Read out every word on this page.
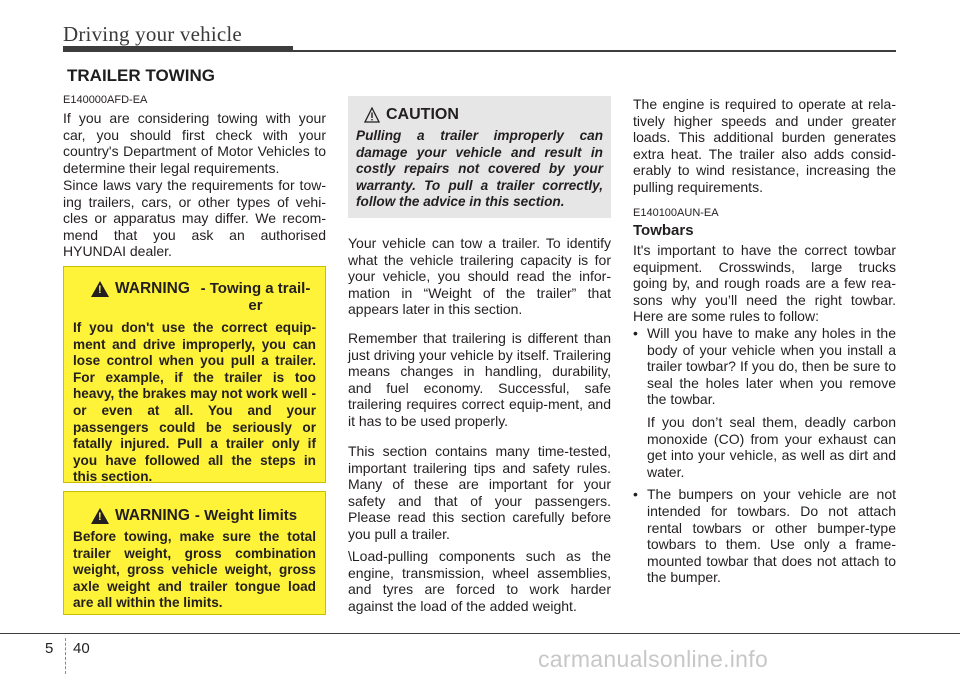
Driving your vehicle
TRAILER TOWING
E140000AFD-EA

If you are considering towing with your car, you should first check with your country's Department of Motor Vehicles to determine their legal requirements.

Since laws vary the requirements for tow-ing trailers, cars, or other types of vehi-cles or apparatus may differ. We recom-mend that you ask an authorised HYUNDAI dealer.

!
WARNING - Towing a trail-er

If you don't use the correct equip-ment and drive improperly, you can lose control when you pull a trailer. For example, if the trailer is too heavy, the brakes may not work well - or even at all. You and your passengers could be seriously or fatally injured. Pull a trailer only if you have followed all the steps in this section.

!
WARNING - Weight limits

Before towing, make sure the total trailer weight, gross combination weight, gross vehicle weight, gross axle weight and trailer tongue load are all within the limits.

CAUTION

Pulling a trailer improperly can damage your vehicle and result in costly repairs not covered by your warranty. To pull a trailer correctly, follow the advice in this section.

Your vehicle can tow a trailer. To identify what the vehicle trailering capacity is for your vehicle, you should read the infor-mation in “Weight of the trailer” that appears later in this section.

Remember that trailering is different than just driving your vehicle by itself. Trailering means changes in handling, durability, and fuel economy. Successful, safe trailering requires correct equip-ment, and it has to be used properly.

This section contains many time-tested, important trailering tips and safety rules. Many of these are important for your safety and that of your passengers. Please read this section carefully before you pull a trailer.

\Load-pulling components such as the engine, transmission, wheel assemblies, and tyres are forced to work harder against the load of the added weight.

The engine is required to operate at rela-tively higher speeds and under greater loads. This additional burden generates extra heat. The trailer also adds consid-erably to wind resistance, increasing the pulling requirements.

E140100AUN-EA
Towbars

It's important to have the correct towbar equipment. Crosswinds, large trucks going by, and rough roads are a few rea-sons why you’ll need the right towbar. Here are some rules to follow:

• Will you have to make any holes in the body of your vehicle when you install a trailer towbar? If you do, then be sure to seal the holes later when you remove the towbar.

If you don’t seal them, deadly carbon monoxide (CO) from your exhaust can get into your vehicle, as well as dirt and water.

• The bumpers on your vehicle are not intended for towbars. Do not attach rental towbars or other bumper-type towbars to them. Use only a frame-mounted towbar that does not attach to the bumper.

5 40	carmanualsonline.info
